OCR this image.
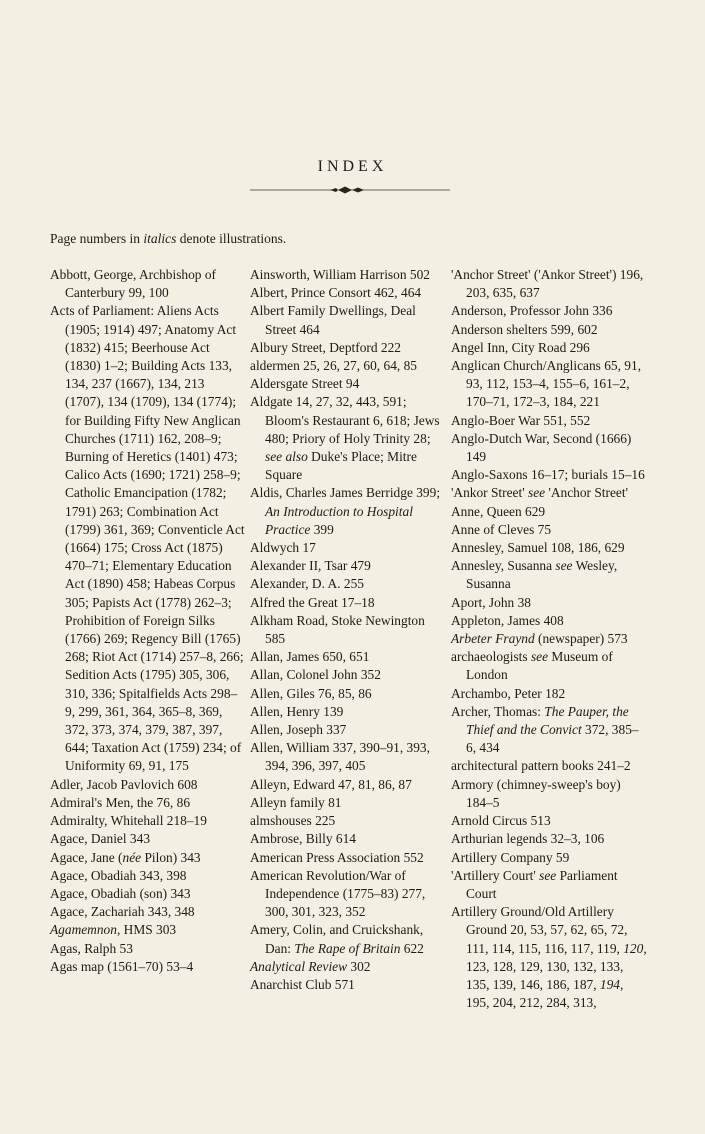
INDEX
Page numbers in italics denote illustrations.
Abbott, George, Archbishop of Canterbury 99, 100
Acts of Parliament: Aliens Acts (1905; 1914) 497; Anatomy Act (1832) 415; Beerhouse Act (1830) 1–2; Building Acts 133, 134, 237 (1667), 134, 213 (1707), 134 (1709), 134 (1774); for Building Fifty New Anglican Churches (1711) 162, 208–9; Burning of Heretics (1401) 473; Calico Acts (1690; 1721) 258–9; Catholic Emancipation (1782; 1791) 263; Combination Act (1799) 361, 369; Conventicle Act (1664) 175; Cross Act (1875) 470–71; Elementary Education Act (1890) 458; Habeas Corpus 305; Papists Act (1778) 262–3; Prohibition of Foreign Silks (1766) 269; Regency Bill (1765) 268; Riot Act (1714) 257–8, 266; Sedition Acts (1795) 305, 306, 310, 336; Spitalfields Acts 298–9, 299, 361, 364, 365–8, 369, 372, 373, 374, 379, 387, 397, 644; Taxation Act (1759) 234; of Uniformity 69, 91, 175
Adler, Jacob Pavlovich 608
Admiral's Men, the 76, 86
Admiralty, Whitehall 218–19
Agace, Daniel 343
Agace, Jane (née Pilon) 343
Agace, Obadiah 343, 398
Agace, Obadiah (son) 343
Agace, Zachariah 343, 348
Agamemnon, HMS 303
Agas, Ralph 53
Agas map (1561–70) 53–4
Ainsworth, William Harrison 502
Albert, Prince Consort 462, 464
Albert Family Dwellings, Deal Street 464
Albury Street, Deptford 222
aldermen 25, 26, 27, 60, 64, 85
Aldersgate Street 94
Aldgate 14, 27, 32, 443, 591; Bloom's Restaurant 6, 618; Jews 480; Priory of Holy Trinity 28; see also Duke's Place; Mitre Square
Aldis, Charles James Berridge 399; An Introduction to Hospital Practice 399
Aldwych 17
Alexander II, Tsar 479
Alexander, D. A. 255
Alfred the Great 17–18
Alkham Road, Stoke Newington 585
Allan, James 650, 651
Allan, Colonel John 352
Allen, Giles 76, 85, 86
Allen, Henry 139
Allen, Joseph 337
Allen, William 337, 390–91, 393, 394, 396, 397, 405
Alleyn, Edward 47, 81, 86, 87
Alleyn family 81
almshouses 225
Ambrose, Billy 614
American Press Association 552
American Revolution/War of Independence (1775–83) 277, 300, 301, 323, 352
Amery, Colin, and Cruickshank, Dan: The Rape of Britain 622
Analytical Review 302
Anarchist Club 571
'Anchor Street' ('Ankor Street') 196, 203, 635, 637
Anderson, Professor John 336
Anderson shelters 599, 602
Angel Inn, City Road 296
Anglican Church/Anglicans 65, 91, 93, 112, 153–4, 155–6, 161–2, 170–71, 172–3, 184, 221
Anglo-Boer War 551, 552
Anglo-Dutch War, Second (1666) 149
Anglo-Saxons 16–17; burials 15–16
'Ankor Street' see 'Anchor Street'
Anne, Queen 629
Anne of Cleves 75
Annesley, Samuel 108, 186, 629
Annesley, Susanna see Wesley, Susanna
Aport, John 38
Appleton, James 408
Arbeter Fraynd (newspaper) 573
archaeologists see Museum of London
Archambo, Peter 182
Archer, Thomas: The Pauper, the Thief and the Convict 372, 385–6, 434
architectural pattern books 241–2
Armory (chimney-sweep's boy) 184–5
Arnold Circus 513
Arthurian legends 32–3, 106
Artillery Company 59
'Artillery Court' see Parliament Court
Artillery Ground/Old Artillery Ground 20, 53, 57, 62, 65, 72, 111, 114, 115, 116, 117, 119, 120, 123, 128, 129, 130, 132, 133, 135, 139, 146, 186, 187, 194, 195, 204, 212, 284, 313,
